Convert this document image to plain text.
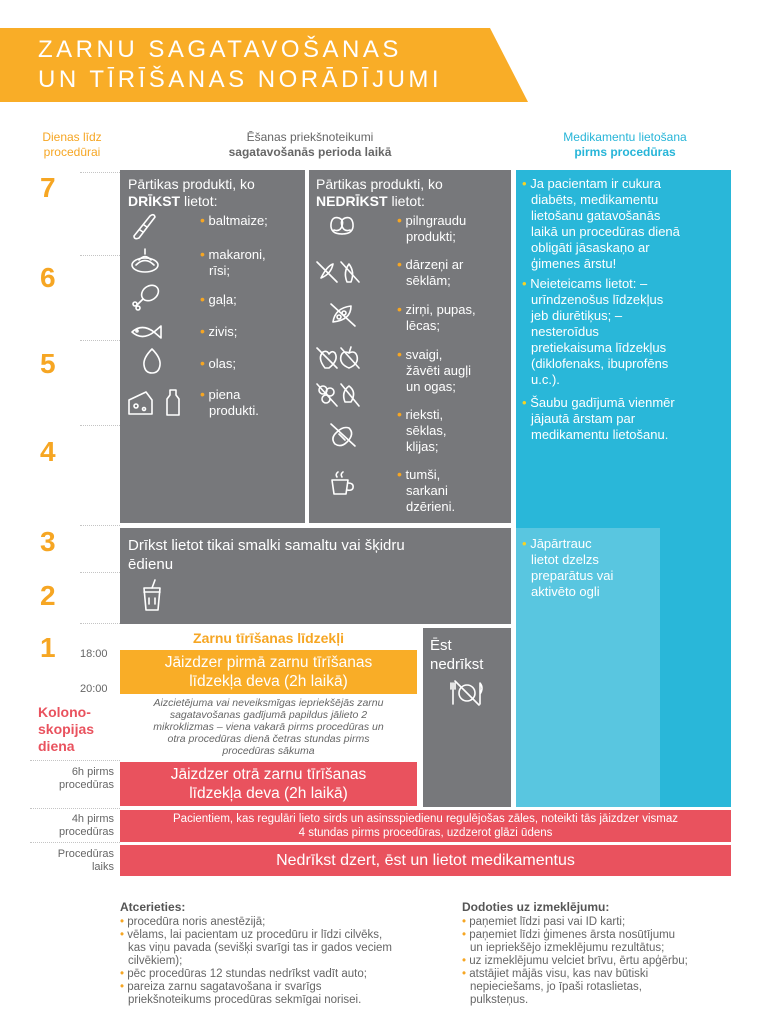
ZARNU SAGATAVOŠANAS
UN TĪRĪŠANAS NORĀDĪJUMI
Dienas līdz
procedūrai
Ēšanas priekšnoteikumi
sagatavošanās perioda laikā
Medikamentu lietošana
pirms procedūras
7
6
5
4
3
2
1 18:00
20:00
Kolono-
skopijas
diena
6h pirms
procedūras
4h pirms
procedūras
Procedūras
laiks
Pārtikas produkti, ko
DRĪKST lietot:
• baltmaize;
• makaroni,
rīsi;
• gaļa;
• zivis;
• olas;
• piena
produkti.
Pārtikas produkti, ko
NEDRĪKST lietot:
• pilngraudu
produkti;
• dārzeņi ar
sēklām;
• zirņi, pupas,
lēcas;
• svaigi,
žāvēti augļi
un ogas;
• rieksti,
sēklas,
klijas;
• tumši,
sarkani
dzērieni.
Drīkst lietot tikai smalki samaltu vai šķidru
ēdienu
• Ja pacientam ir cukura
diabēts, medikamentu
lietošanu gatavošanās
laikā un procedūras dienā
obligāti jāsaskaņo ar
ģimenes ārstu!
• Neieteicams lietot: –
urīndzenošus līdzekļus
jeb diurētiķus; –
nesteroīdus
pretiekaisuma līdzekļus
(diklofenaks, ibuprofēns
u.c.).
• Šaubu gadījumā vienmēr
jājautā ārstam par
medikamentu lietošanu.
• Jāpārtrauc
lietot dzelzs
preparātus vai
aktivēto ogli
Zarnu tīrīšanas līdzekļi
Jāizdzer pirmā zarnu tīrīšanas
līdzekļa deva (2h laikā)
Aizcietējuma vai neveiksmīgas iepriekšējās zarnu
sagatavošanas gadījumā papildus jālieto 2
mikroklizmas – viena vakarā pirms procedūras un
otra procedūras dienā četras stundas pirms
procedūras sākuma
Jāizdzer otrā zarnu tīrīšanas
līdzekļa deva (2h laikā)
Ēst
nedrīkst
Pacientiem, kas regulāri lieto sirds un asinsspiedienu regulējošas zāles, noteikti tās jāizdzer vismaz
4 stundas pirms procedūras, uzdzerot glāzi ūdens
Nedrīkst dzert, ēst un lietot medikamentus
Atcerieties:
• procedūra noris anestēzijā;
• vēlams, lai pacientam uz procedūru ir līdzi cilvēks,
kas viņu pavada (sevišķi svarīgi tas ir gados veciem
cilvēkiem);
• pēc procedūras 12 stundas nedrīkst vadīt auto;
• pareiza zarnu sagatavošana ir svarīgs
priekšnoteikums procedūras sekmīgai norisei.
Dodoties uz izmeklējumu:
• paņemiet līdzi pasi vai ID karti;
• paņemiet līdzi ģimenes ārsta nosūtījumu
un iepriekšējo izmeklējumu rezultātus;
• uz izmeklējumu velciet brīvu, ērtu apģērbu;
• atstājiet mājās visu, kas nav būtiski
nepieciešams, jo īpaši rotaslietas,
pulksteņus.
